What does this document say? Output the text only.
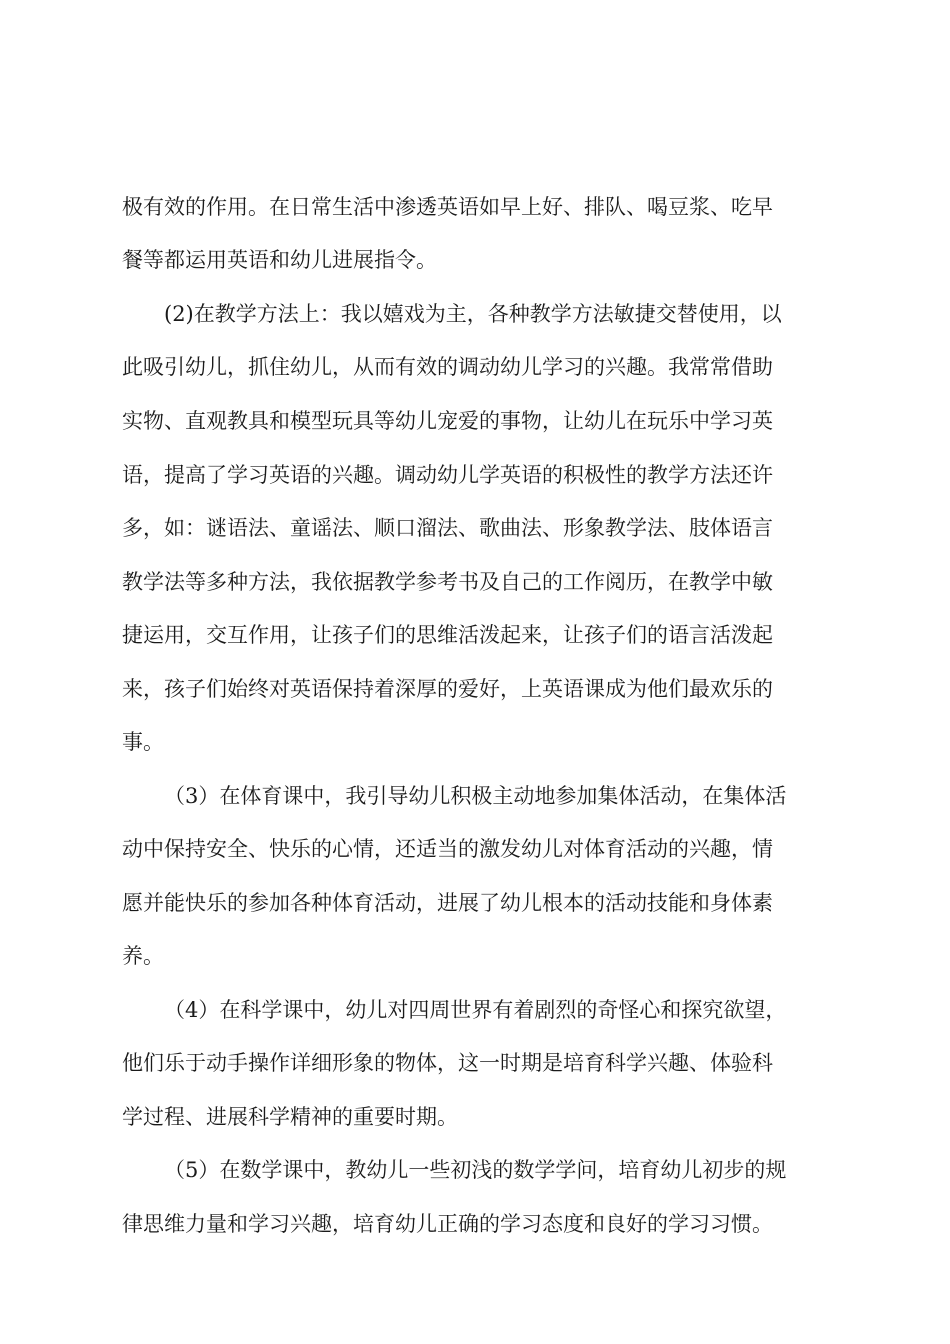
极有效的作用。在日常生活中渗透英语如早上好、排队、喝豆浆、吃早
餐等都运用英语和幼儿进展指令。
(2)在教学方法上：我以嬉戏为主，各种教学方法敏捷交替使用，以
此吸引幼儿，抓住幼儿，从而有效的调动幼儿学习的兴趣。我常常借助
实物、直观教具和模型玩具等幼儿宠爱的事物，让幼儿在玩乐中学习英
语，提高了学习英语的兴趣。调动幼儿学英语的积极性的教学方法还许
多，如：谜语法、童谣法、顺口溜法、歌曲法、形象教学法、肢体语言
教学法等多种方法，我依据教学参考书及自己的工作阅历，在教学中敏
捷运用，交互作用，让孩子们的思维活泼起来，让孩子们的语言活泼起
来，孩子们始终对英语保持着深厚的爱好，上英语课成为他们最欢乐的
事。
（3）在体育课中，我引导幼儿积极主动地参加集体活动，在集体活
动中保持安全、快乐的心情，还适当的激发幼儿对体育活动的兴趣，情
愿并能快乐的参加各种体育活动，进展了幼儿根本的活动技能和身体素
养。
（4）在科学课中，幼儿对四周世界有着剧烈的奇怪心和探究欲望，
他们乐于动手操作详细形象的物体，这一时期是培育科学兴趣、体验科
学过程、进展科学精神的重要时期。
（5）在数学课中，教幼儿一些初浅的数学学问，培育幼儿初步的规
律思维力量和学习兴趣，培育幼儿正确的学习态度和良好的学习习惯。
